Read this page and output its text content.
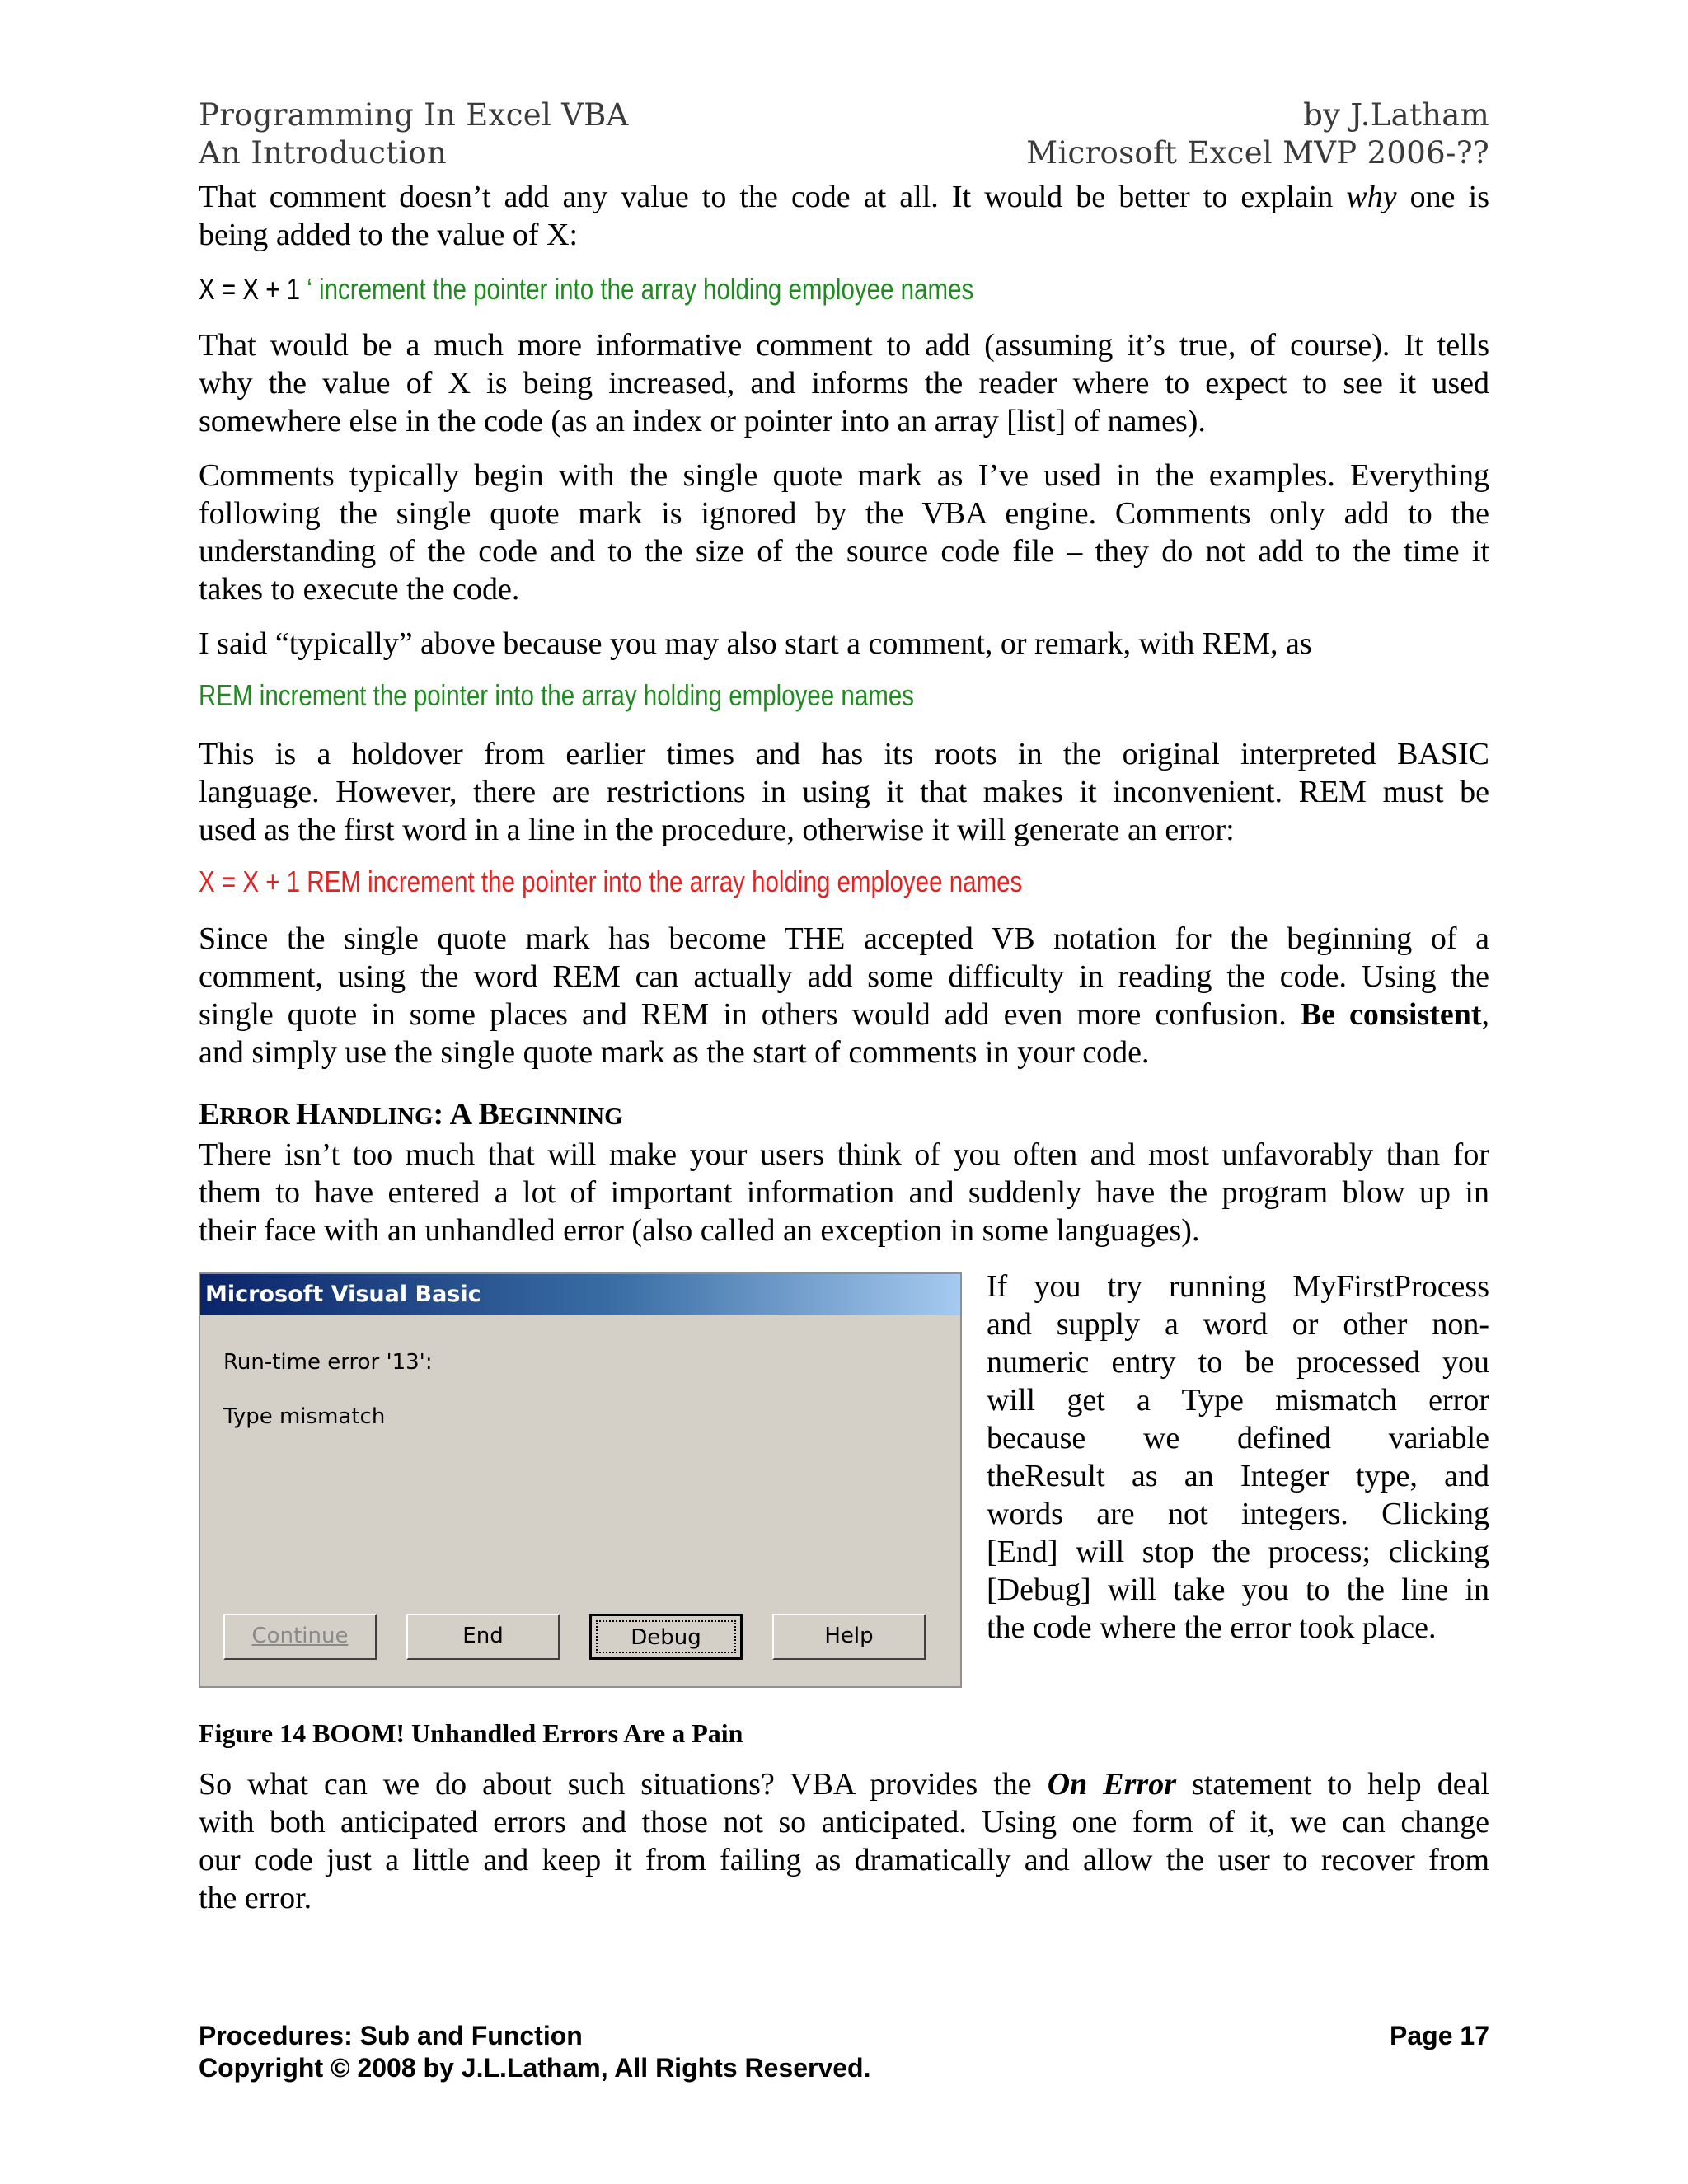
Programming In Excel VBA	by J.Latham
An Introduction	Microsoft Excel MVP 2006-??
That comment doesn’t add any value to the code at all. It would be better to explain why one is
being added to the value of X:
X = X + 1 ‘ increment the pointer into the array holding employee names
That would be a much more informative comment to add (assuming it’s true, of course). It tells
why the value of X is being increased, and informs the reader where to expect to see it used
somewhere else in the code (as an index or pointer into an array [list] of names).
Comments typically begin with the single quote mark as I’ve used in the examples. Everything
following the single quote mark is ignored by the VBA engine. Comments only add to the
understanding of the code and to the size of the source code file – they do not add to the time it
takes to execute the code.
I said “typically” above because you may also start a comment, or remark, with REM, as
REM increment the pointer into the array holding employee names
This is a holdover from earlier times and has its roots in the original interpreted BASIC
language. However, there are restrictions in using it that makes it inconvenient. REM must be
used as the first word in a line in the procedure, otherwise it will generate an error:
X = X + 1 REM increment the pointer into the array holding employee names
Since the single quote mark has become THE accepted VB notation for the beginning of a
comment, using the word REM can actually add some difficulty in reading the code. Using the
single quote in some places and REM in others would add even more confusion. Be consistent,
and simply use the single quote mark as the start of comments in your code.
ERROR HANDLING: A BEGINNING
There isn’t too much that will make your users think of you often and most unfavorably than for
them to have entered a lot of important information and suddenly have the program blow up in
their face with an unhandled error (also called an exception in some languages).
Microsoft Visual Basic
Run-time error '13':
Type mismatch
Continue	End	Debug	Help
If you try running MyFirstProcess
and supply a word or other non-
numeric entry to be processed you
will get a Type mismatch error
because we defined variable
theResult as an Integer type, and
words are not integers. Clicking
[End] will stop the process; clicking
[Debug] will take you to the line in
the code where the error took place.
Figure 14 BOOM! Unhandled Errors Are a Pain
So what can we do about such situations? VBA provides the On Error statement to help deal
with both anticipated errors and those not so anticipated. Using one form of it, we can change
our code just a little and keep it from failing as dramatically and allow the user to recover from
the error.
Procedures: Sub and Function	Page 17
Copyright © 2008 by J.L.Latham, All Rights Reserved.
